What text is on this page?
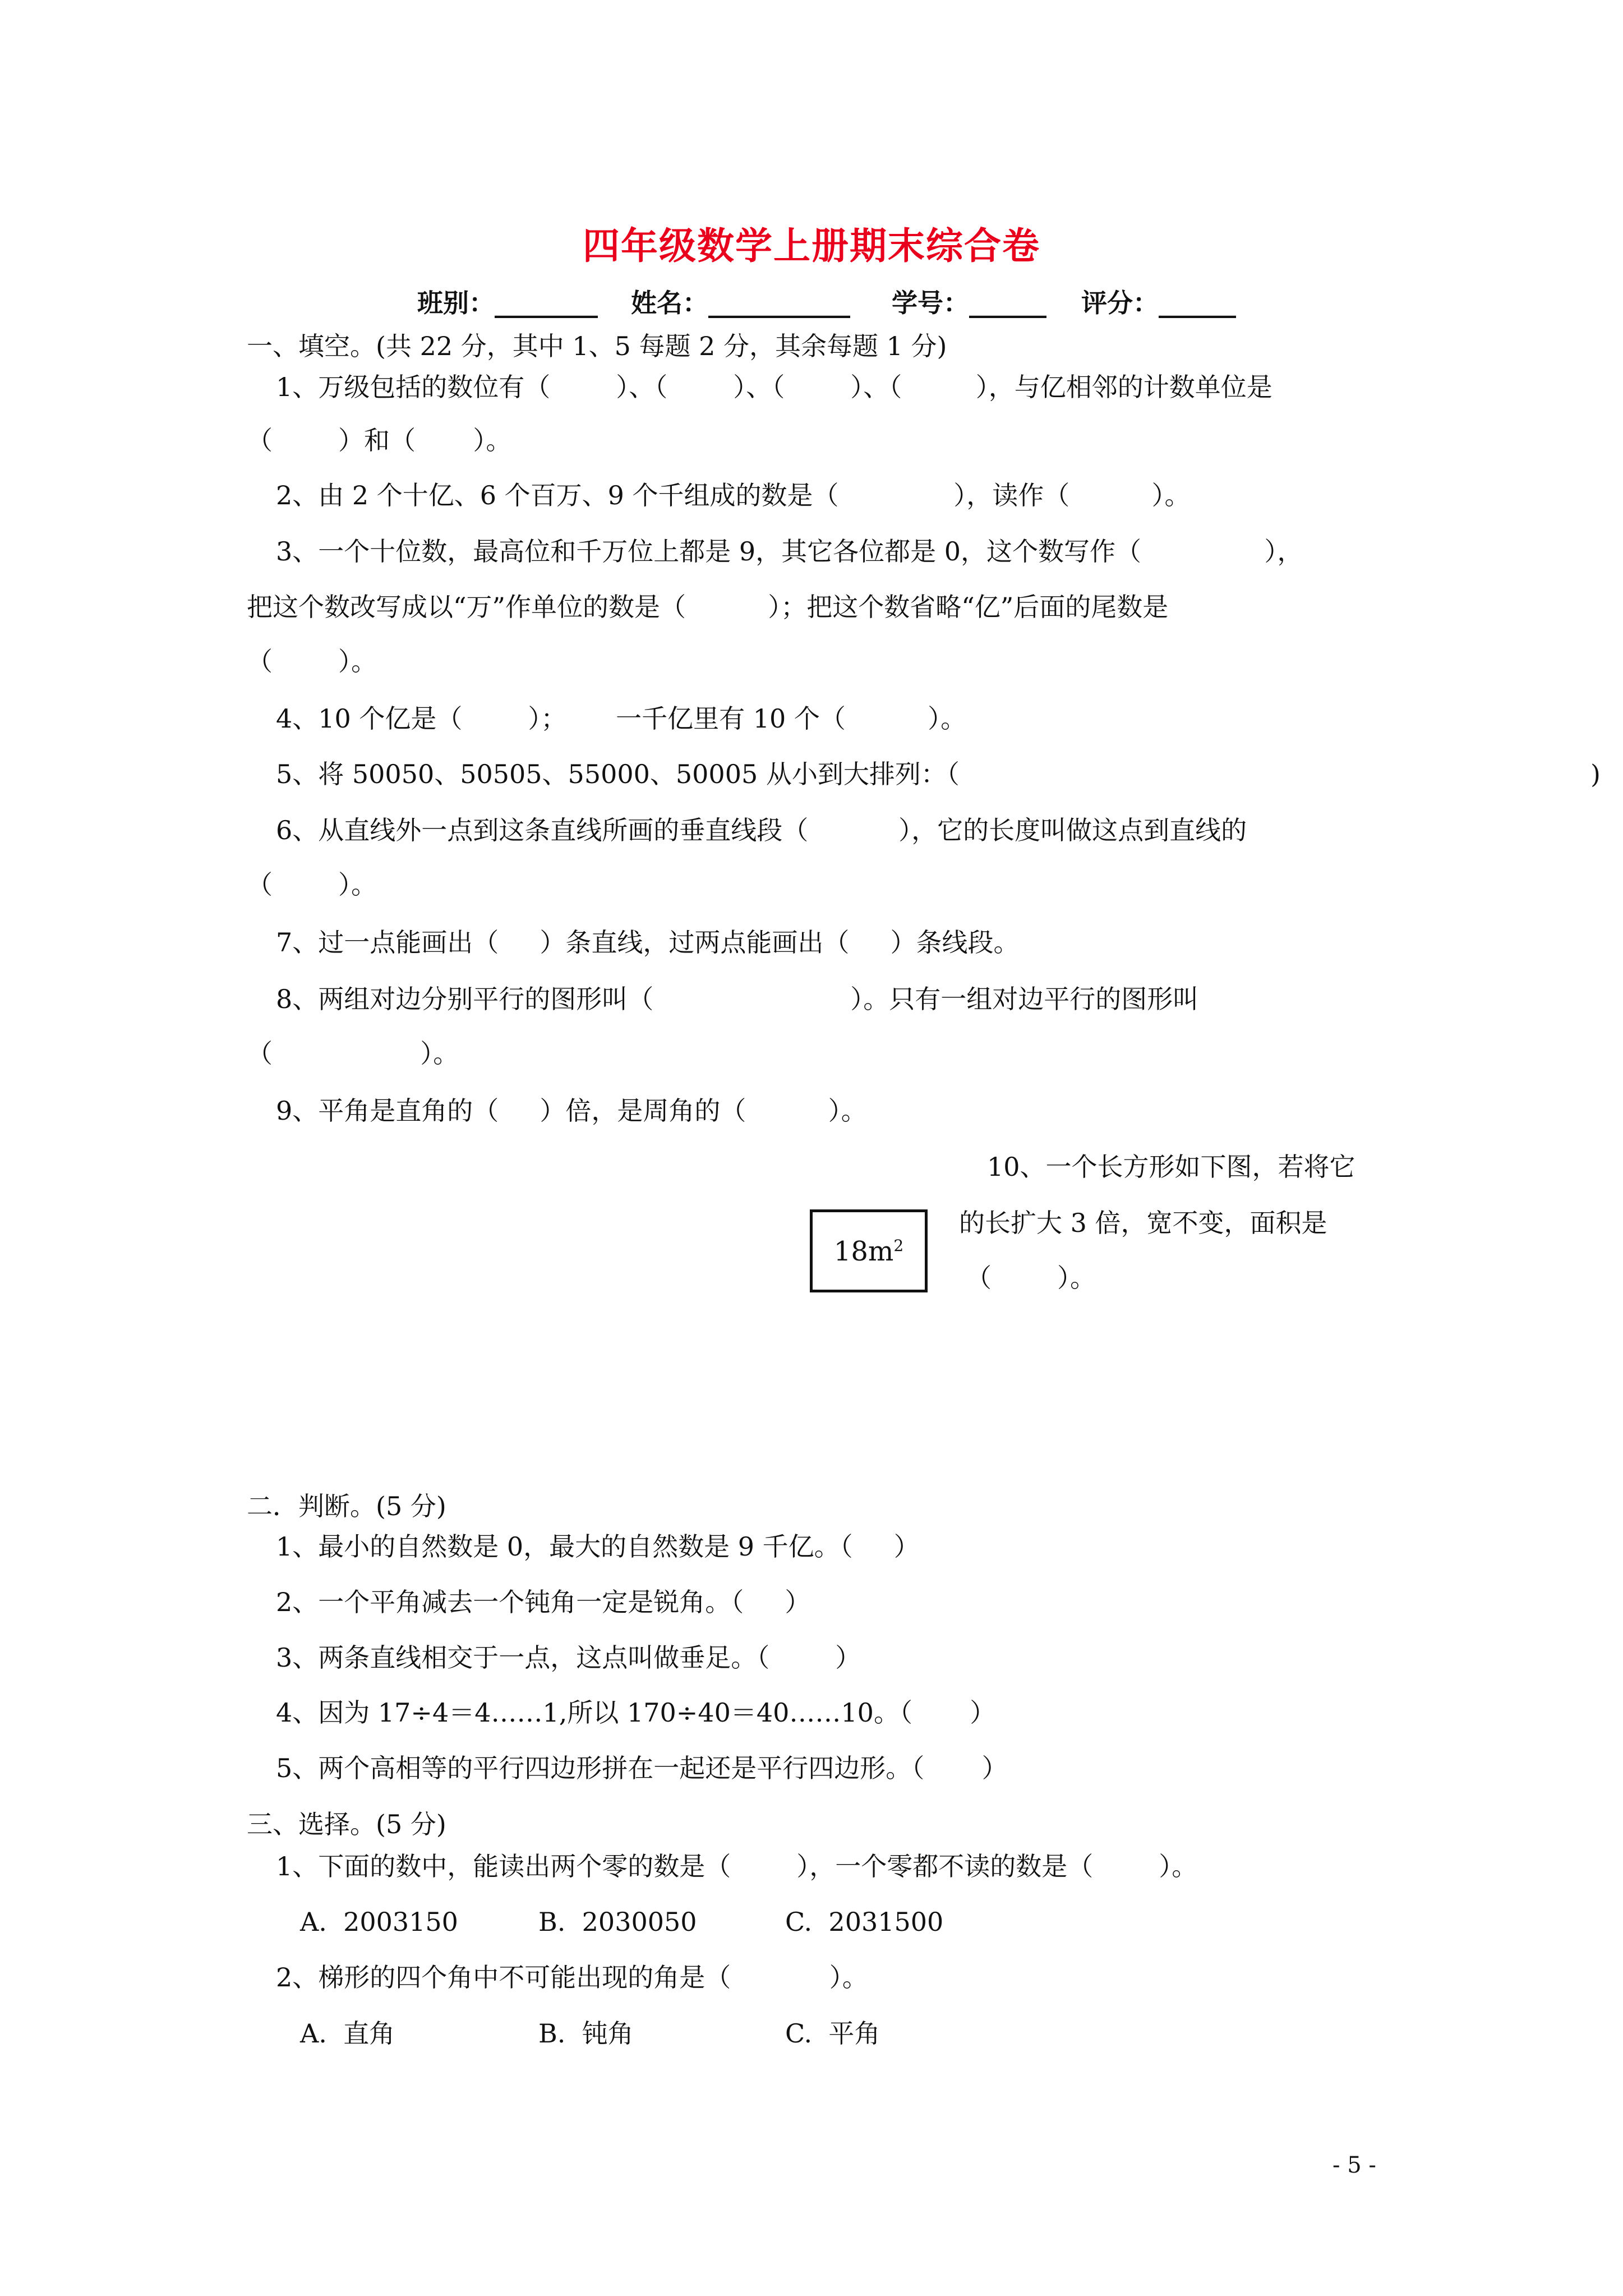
四年级数学上册期末综合卷
班别：________ 姓名：___________ 学号：______ 评分：______
一、填空。(共 22 分，其中 1、5 每题 2 分，其余每题 1 分)
1、万级包括的数位有（        ）、（        ）、（        ）、（         ），与亿相邻的计数单位是
（        ）和（       ）。
2、由 2 个十亿、6 个百万、9 个千组成的数是（              ），读作（          ）。
3、一个十位数，最高位和千万位上都是 9，其它各位都是 0，这个数写作（               ），
把这个数改写成以“万”作单位的数是（          ）；把这个数省略“亿”后面的尾数是
（        ）。
4、10 个亿是（        ）；      一千亿里有 10 个（          ）。
5、将 50050、50505、55000、50005 从小到大排列：（	)
6、从直线外一点到这条直线所画的垂直线段（           ），它的长度叫做这点到直线的
（        ）。
7、过一点能画出（     ）条直线，过两点能画出（     ）条线段。
8、两组对边分别平行的图形叫（                        ）。只有一组对边平行的图形叫
（                  ）。
9、平角是直角的（     ）倍，是周角的（          ）。
10、一个长方形如下图，若将它
的长扩大 3 倍，宽不变，面积是
（        ）。
$18m^2$
二．判断。(5 分)
1、最小的自然数是 0，最大的自然数是 9 千亿。（     ）
2、一个平角减去一个钝角一定是锐角。（     ）
3、两条直线相交于一点，这点叫做垂足。（        ）
4、因为 17÷4＝4……1,所以 170÷40＝40……10。（       ）
5、两个高相等的平行四边形拼在一起还是平行四边形。（       ）
三、选择。(5 分)
1、下面的数中，能读出两个零的数是（        ），一个零都不读的数是（        ）。
A.  2003150	B.  2030050	C.  2031500
2、梯形的四个角中不可能出现的角是（            ）。
A.  直角	B.  钝角	C.  平角
- 5 -
